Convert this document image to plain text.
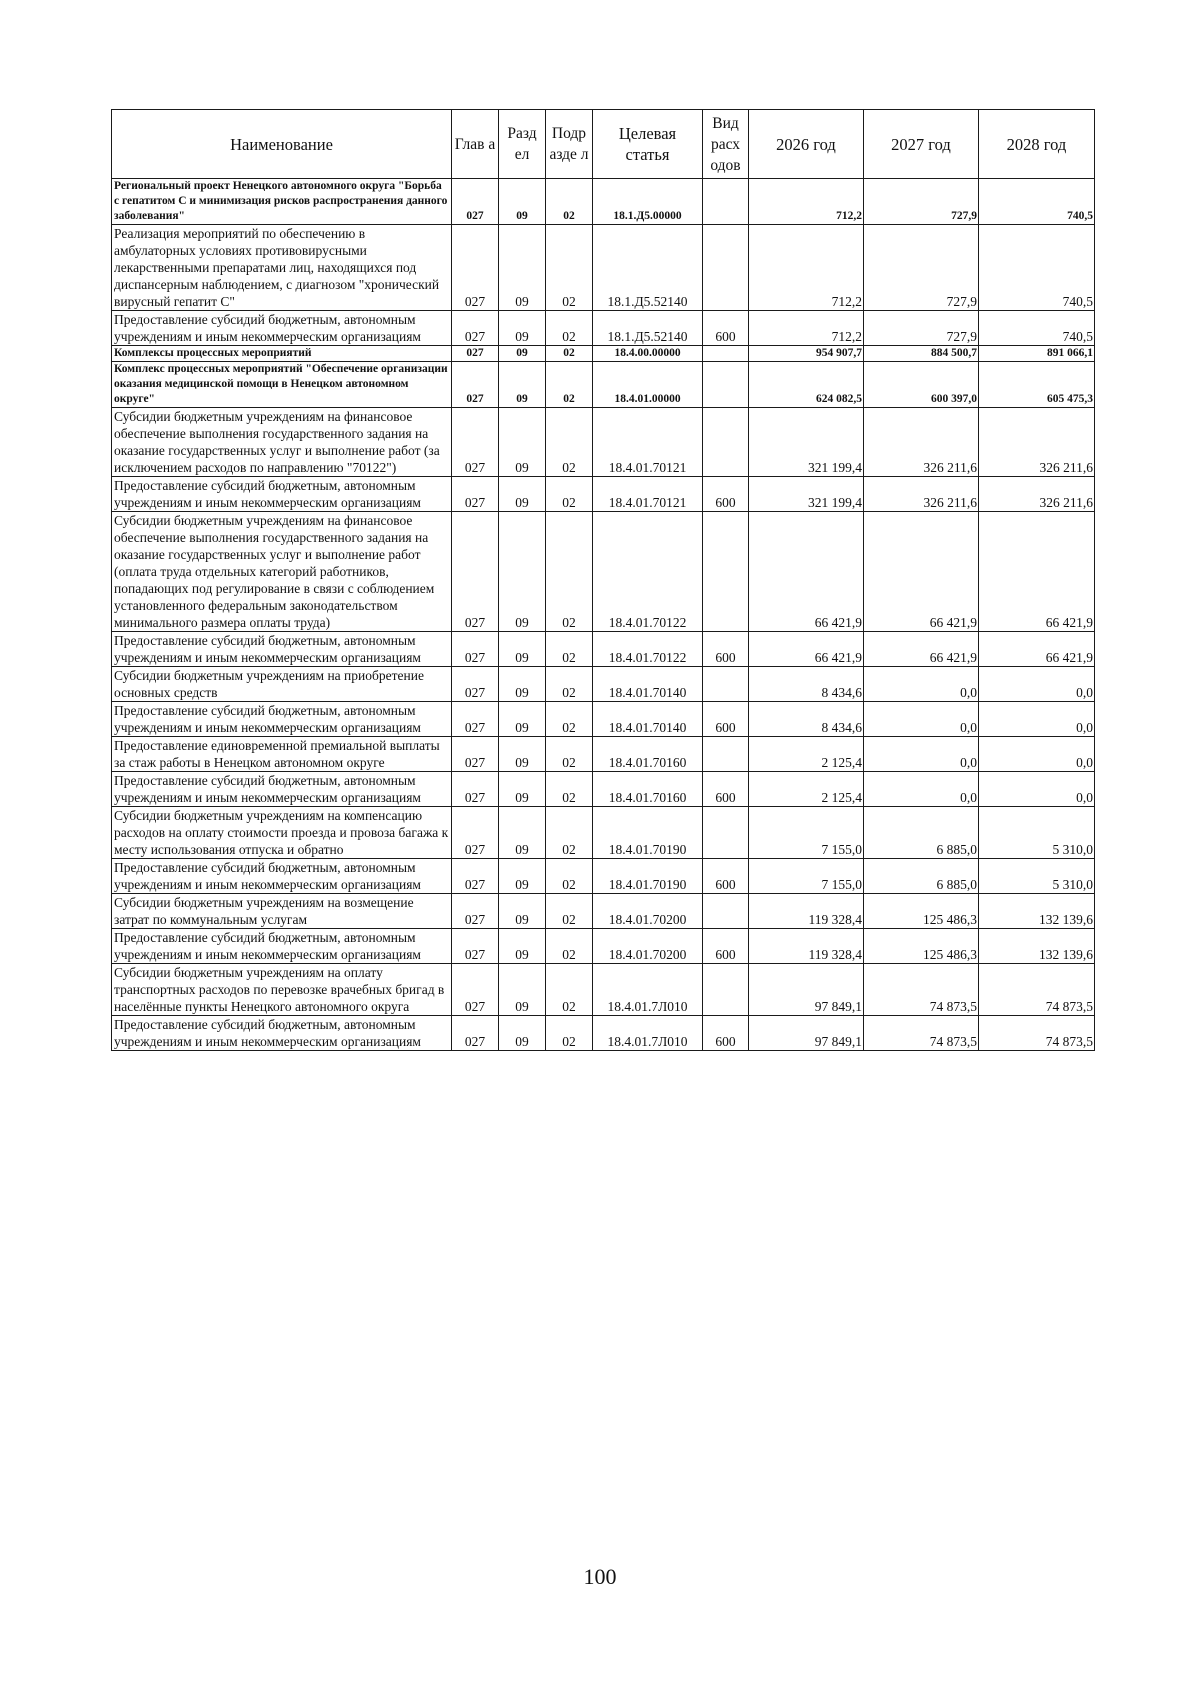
Наименование	Глав а	Разд ел	Подр азде л	Целевая статья	Вид расх одов	2026 год	2027 год	2028 год
Региональный проект Ненецкого автономного округа "Борьба с гепатитом С и минимизация рисков распространения данного заболевания"	027	09	02	18.1.Д5.00000		712,2	727,9	740,5
Реализация мероприятий по обеспечению в амбулаторных условиях противовирусными лекарственными препаратами лиц, находящихся под диспансерным наблюдением, с диагнозом "хронический вирусный гепатит С"	027	09	02	18.1.Д5.52140		712,2	727,9	740,5
Предоставление субсидий бюджетным, автономным учреждениям и иным некоммерческим организациям	027	09	02	18.1.Д5.52140	600	712,2	727,9	740,5
Комплексы процессных мероприятий	027	09	02	18.4.00.00000		954 907,7	884 500,7	891 066,1
Комплекс процессных мероприятий "Обеспечение организации оказания медицинской помощи в Ненецком автономном округе"	027	09	02	18.4.01.00000		624 082,5	600 397,0	605 475,3
Субсидии бюджетным учреждениям на финансовое обеспечение выполнения государственного задания на оказание государственных услуг и выполнение работ (за исключением расходов по направлению "70122")	027	09	02	18.4.01.70121		321 199,4	326 211,6	326 211,6
Предоставление субсидий бюджетным, автономным учреждениям и иным некоммерческим организациям	027	09	02	18.4.01.70121	600	321 199,4	326 211,6	326 211,6
Субсидии бюджетным учреждениям на финансовое обеспечение выполнения государственного задания на оказание государственных услуг и выполнение работ (оплата труда отдельных категорий работников, попадающих под регулирование в связи с соблюдением установленного федеральным законодательством минимального размера оплаты труда)	027	09	02	18.4.01.70122		66 421,9	66 421,9	66 421,9
Предоставление субсидий бюджетным, автономным учреждениям и иным некоммерческим организациям	027	09	02	18.4.01.70122	600	66 421,9	66 421,9	66 421,9
Субсидии бюджетным учреждениям на приобретение основных средств	027	09	02	18.4.01.70140		8 434,6	0,0	0,0
Предоставление субсидий бюджетным, автономным учреждениям и иным некоммерческим организациям	027	09	02	18.4.01.70140	600	8 434,6	0,0	0,0
Предоставление единовременной премиальной выплаты за стаж работы в Ненецком автономном округе	027	09	02	18.4.01.70160		2 125,4	0,0	0,0
Предоставление субсидий бюджетным, автономным учреждениям и иным некоммерческим организациям	027	09	02	18.4.01.70160	600	2 125,4	0,0	0,0
Субсидии бюджетным учреждениям на компенсацию расходов на оплату стоимости проезда и провоза багажа к месту использования отпуска и обратно	027	09	02	18.4.01.70190		7 155,0	6 885,0	5 310,0
Предоставление субсидий бюджетным, автономным учреждениям и иным некоммерческим организациям	027	09	02	18.4.01.70190	600	7 155,0	6 885,0	5 310,0
Субсидии бюджетным учреждениям на возмещение затрат по коммунальным услугам	027	09	02	18.4.01.70200		119 328,4	125 486,3	132 139,6
Предоставление субсидий бюджетным, автономным учреждениям и иным некоммерческим организациям	027	09	02	18.4.01.70200	600	119 328,4	125 486,3	132 139,6
Субсидии бюджетным учреждениям на оплату транспортных расходов по перевозке врачебных бригад в населённые пункты Ненецкого автономного округа	027	09	02	18.4.01.7Л010		97 849,1	74 873,5	74 873,5
Предоставление субсидий бюджетным, автономным учреждениям и иным некоммерческим организациям	027	09	02	18.4.01.7Л010	600	97 849,1	74 873,5	74 873,5
100
